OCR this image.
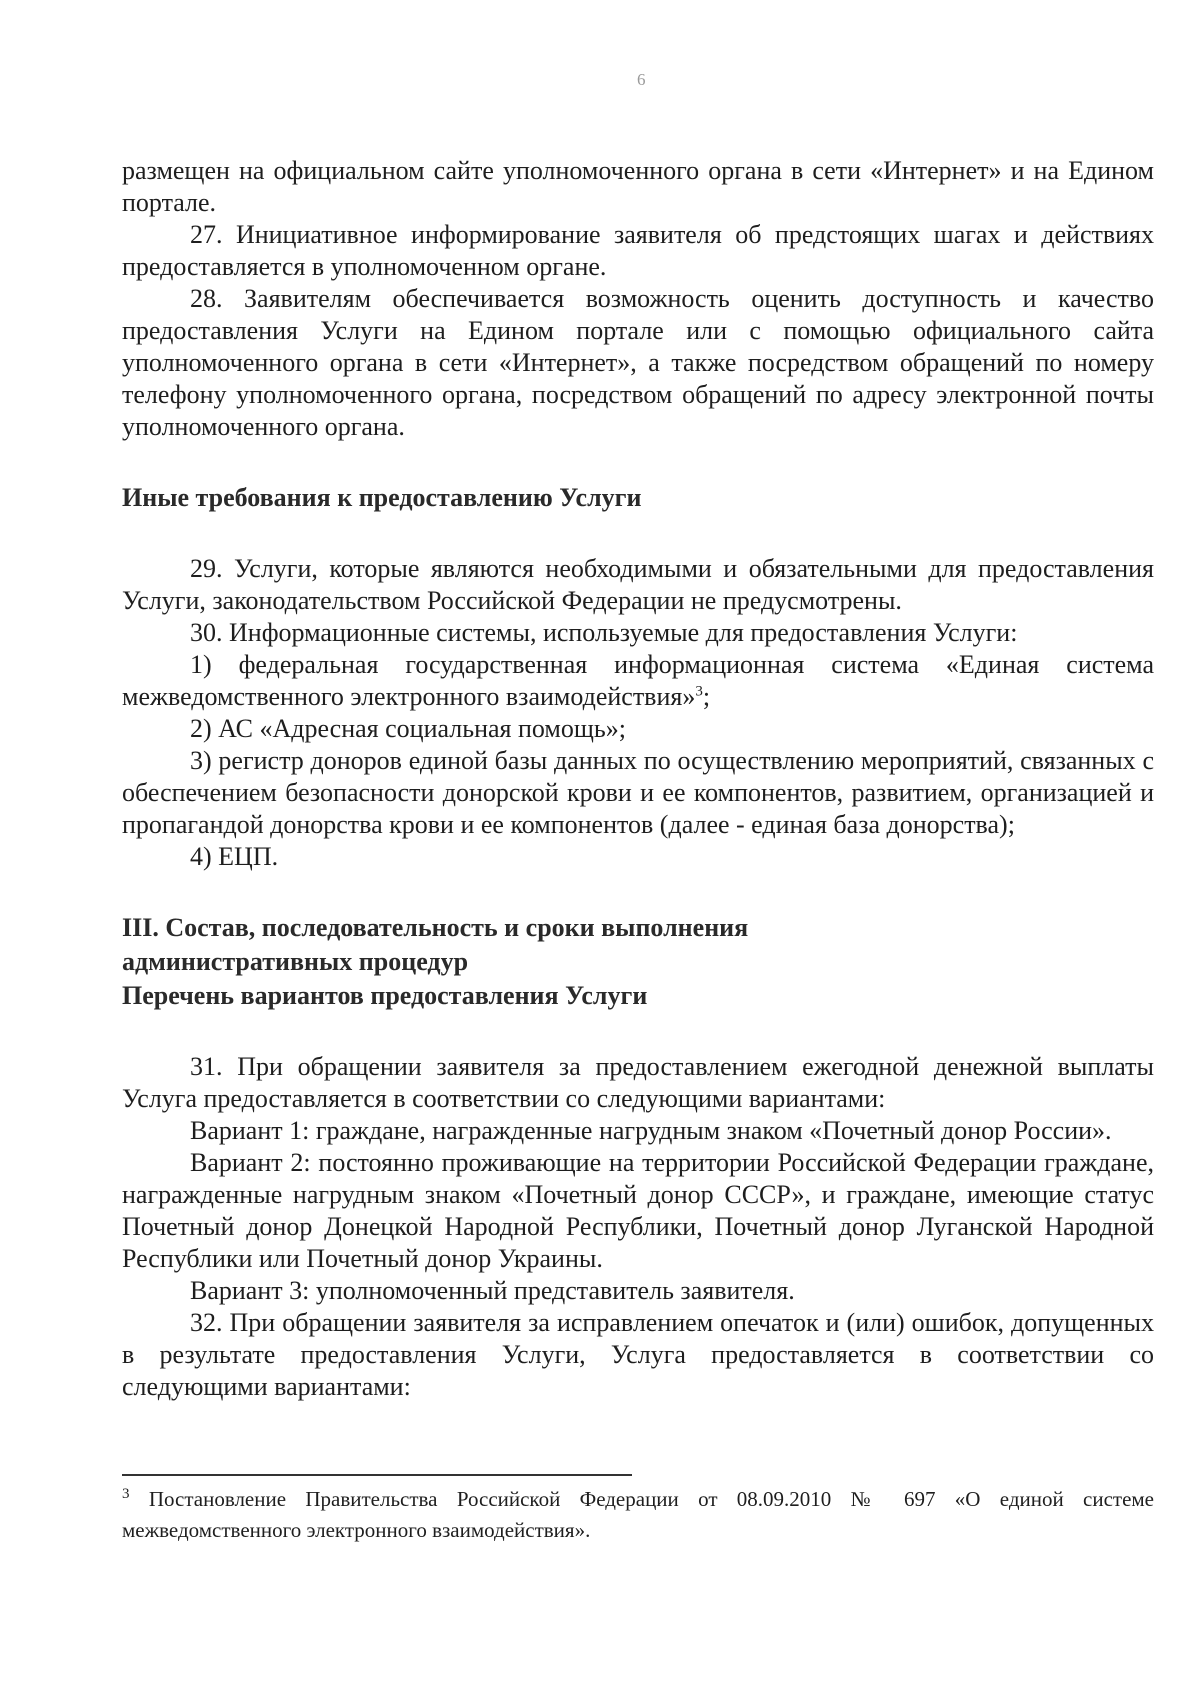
6

размещен на официальном сайте уполномоченного органа в сети «Интернет» и на Едином портале.

27. Инициативное информирование заявителя об предстоящих шагах и действиях предоставляется в уполномоченном органе.

28. Заявителям обеспечивается возможность оценить доступность и качество предоставления Услуги на Едином портале или с помощью официального сайта уполномоченного органа в сети «Интернет», а также посредством обращений по номеру телефону уполномоченного органа, посредством обращений по адресу электронной почты уполномоченного органа.

Иные требования к предоставлению Услуги

29. Услуги, которые являются необходимыми и обязательными для предоставления Услуги, законодательством Российской Федерации не предусмотрены.

30. Информационные системы, используемые для предоставления Услуги:

1) федеральная государственная информационная система «Единая система межведомственного электронного взаимодействия»$^3$;

2) АС «Адресная социальная помощь»;

3) регистр доноров единой базы данных по осуществлению мероприятий, связанных с обеспечением безопасности донорской крови и ее компонентов, развитием, организацией и пропагандой донорства крови и ее компонентов (далее - единая база донорства);

4) ЕЦП.

III. Состав, последовательность и сроки выполнения

административных процедур

Перечень вариантов предоставления Услуги

31. При обращении заявителя за предоставлением ежегодной денежной выплаты Услуга предоставляется в соответствии со следующими вариантами:

Вариант 1: граждане, награжденные нагрудным знаком «Почетный донор России».

Вариант 2: постоянно проживающие на территории Российской Федерации граждане, награжденные нагрудным знаком «Почетный донор СССР», и граждане, имеющие статус Почетный донор Донецкой Народной Республики, Почетный донор Луганской Народной Республики или Почетный донор Украины.

Вариант 3: уполномоченный представитель заявителя.

32. При обращении заявителя за исправлением опечаток и (или) ошибок, допущенных в результате предоставления Услуги, Услуга предоставляется в соответствии со следующими вариантами:

$^3$ Постановление Правительства Российской Федерации от 08.09.2010 № 697 «О единой системе межведомственного электронного взаимодействия».
